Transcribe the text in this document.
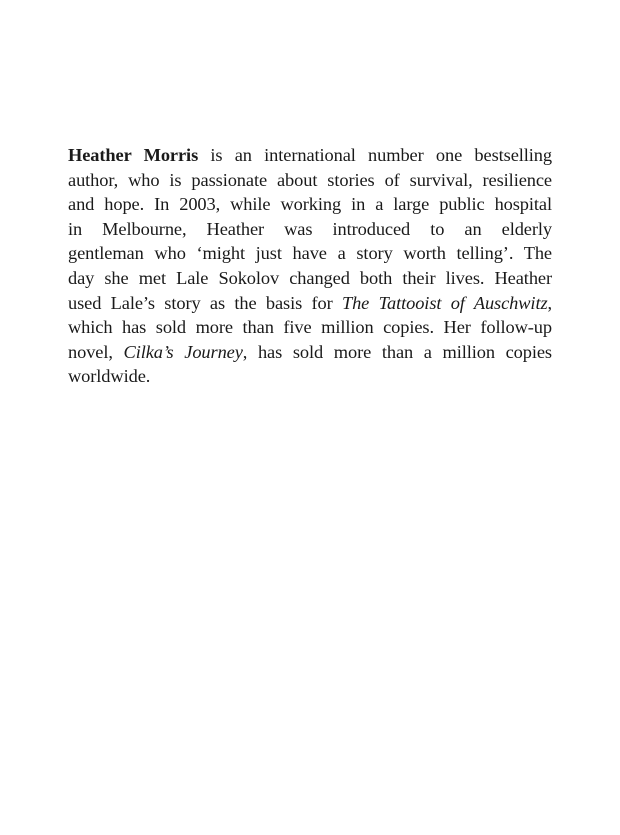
Heather Morris is an international number one bestselling
author, who is passionate about stories of survival, resilience
and hope. In 2003, while working in a large public hospital
in Melbourne, Heather was introduced to an elderly
gentleman who ‘might just have a story worth telling’. The
day she met Lale Sokolov changed both their lives. Heather
used Lale’s story as the basis for The Tattooist of Auschwitz,
which has sold more than five million copies. Her follow-up
novel, Cilka’s Journey, has sold more than a million copies
worldwide.
